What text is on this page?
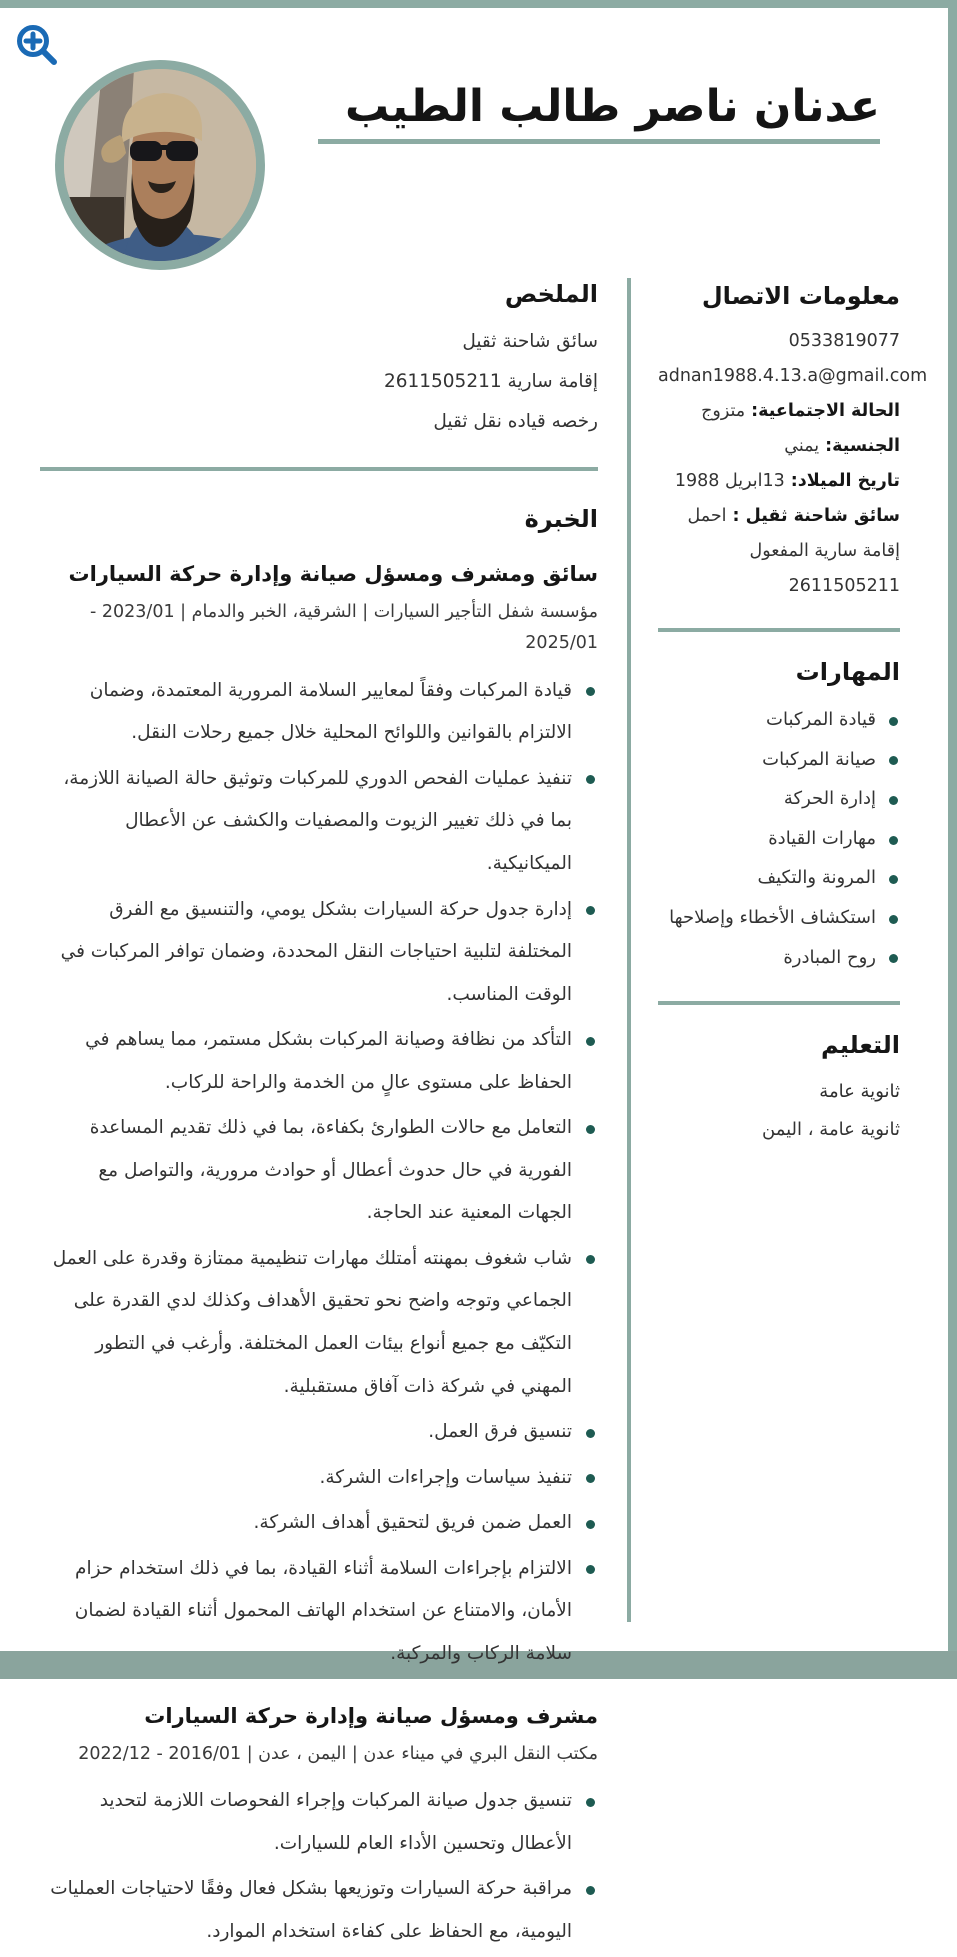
عدنان ناصر طالب الطيب
معلومات الاتصال
0533819077
adnan1988.4.13.a@gmail.com
الحالة الاجتماعية:متزوج
الجنسية:يمني
تاريخ الميلاد:13ابريل 1988
سائق شاحنة ثقيل :احمل إقامة سارية المفعول 2611505211
المهارات
قيادة المركبات
صيانة المركبات
إدارة الحركة
مهارات القيادة
المرونة والتكيف
استكشاف الأخطاء وإصلاحها
روح المبادرة
التعليم
ثانوية عامة
ثانوية عامة ، اليمن
الملخص
سائق شاحنة ثقيل
إقامة سارية 2611505211
رخصه قياده نقل ثقيل
الخبرة
سائق ومشرف ومسؤل صيانة وإدارة حركة السيارات

مؤسسة شفل التأجير السيارات | الشرقية، الخبر والدمام | 2023/01 - 2025/01

قيادة المركبات وفقاً لمعايير السلامة المرورية المعتمدة، وضمان الالتزام بالقوانين واللوائح المحلية خلال جميع رحلات النقل.
تنفيذ عمليات الفحص الدوري للمركبات وتوثيق حالة الصيانة اللازمة، بما في ذلك تغيير الزيوت والمصفيات والكشف عن الأعطال الميكانيكية.
إدارة جدول حركة السيارات بشكل يومي، والتنسيق مع الفرق المختلفة لتلبية احتياجات النقل المحددة، وضمان توافر المركبات في الوقت المناسب.
التأكد من نظافة وصيانة المركبات بشكل مستمر، مما يساهم في الحفاظ على مستوى عالٍ من الخدمة والراحة للركاب.
التعامل مع حالات الطوارئ بكفاءة، بما في ذلك تقديم المساعدة الفورية في حال حدوث أعطال أو حوادث مرورية، والتواصل مع الجهات المعنية عند الحاجة.
شاب شغوف بمهنته أمتلك مهارات تنظيمية ممتازة وقدرة على العمل الجماعي وتوجه واضح نحو تحقيق الأهداف وكذلك لدي القدرة على التكيّف مع جميع أنواع بيئات العمل المختلفة. وأرغب في التطور المهني في شركة ذات آفاق مستقبلية.
تنسيق فرق العمل.
تنفيذ سياسات وإجراءات الشركة.
العمل ضمن فريق لتحقيق أهداف الشركة.
الالتزام بإجراءات السلامة أثناء القيادة، بما في ذلك استخدام حزام الأمان، والامتناع عن استخدام الهاتف المحمول أثناء القيادة لضمان سلامة الركاب والمركبة.
مشرف ومسؤل صيانة وإدارة حركة السيارات

مكتب النقل البري في ميناء عدن | اليمن ، عدن | 2016/01 - 2022/12

تنسيق جدول صيانة المركبات وإجراء الفحوصات اللازمة لتحديد الأعطال وتحسين الأداء العام للسيارات.
مراقبة حركة السيارات وتوزيعها بشكل فعال وفقًا لاحتياجات العمليات اليومية، مع الحفاظ على كفاءة استخدام الموارد.
